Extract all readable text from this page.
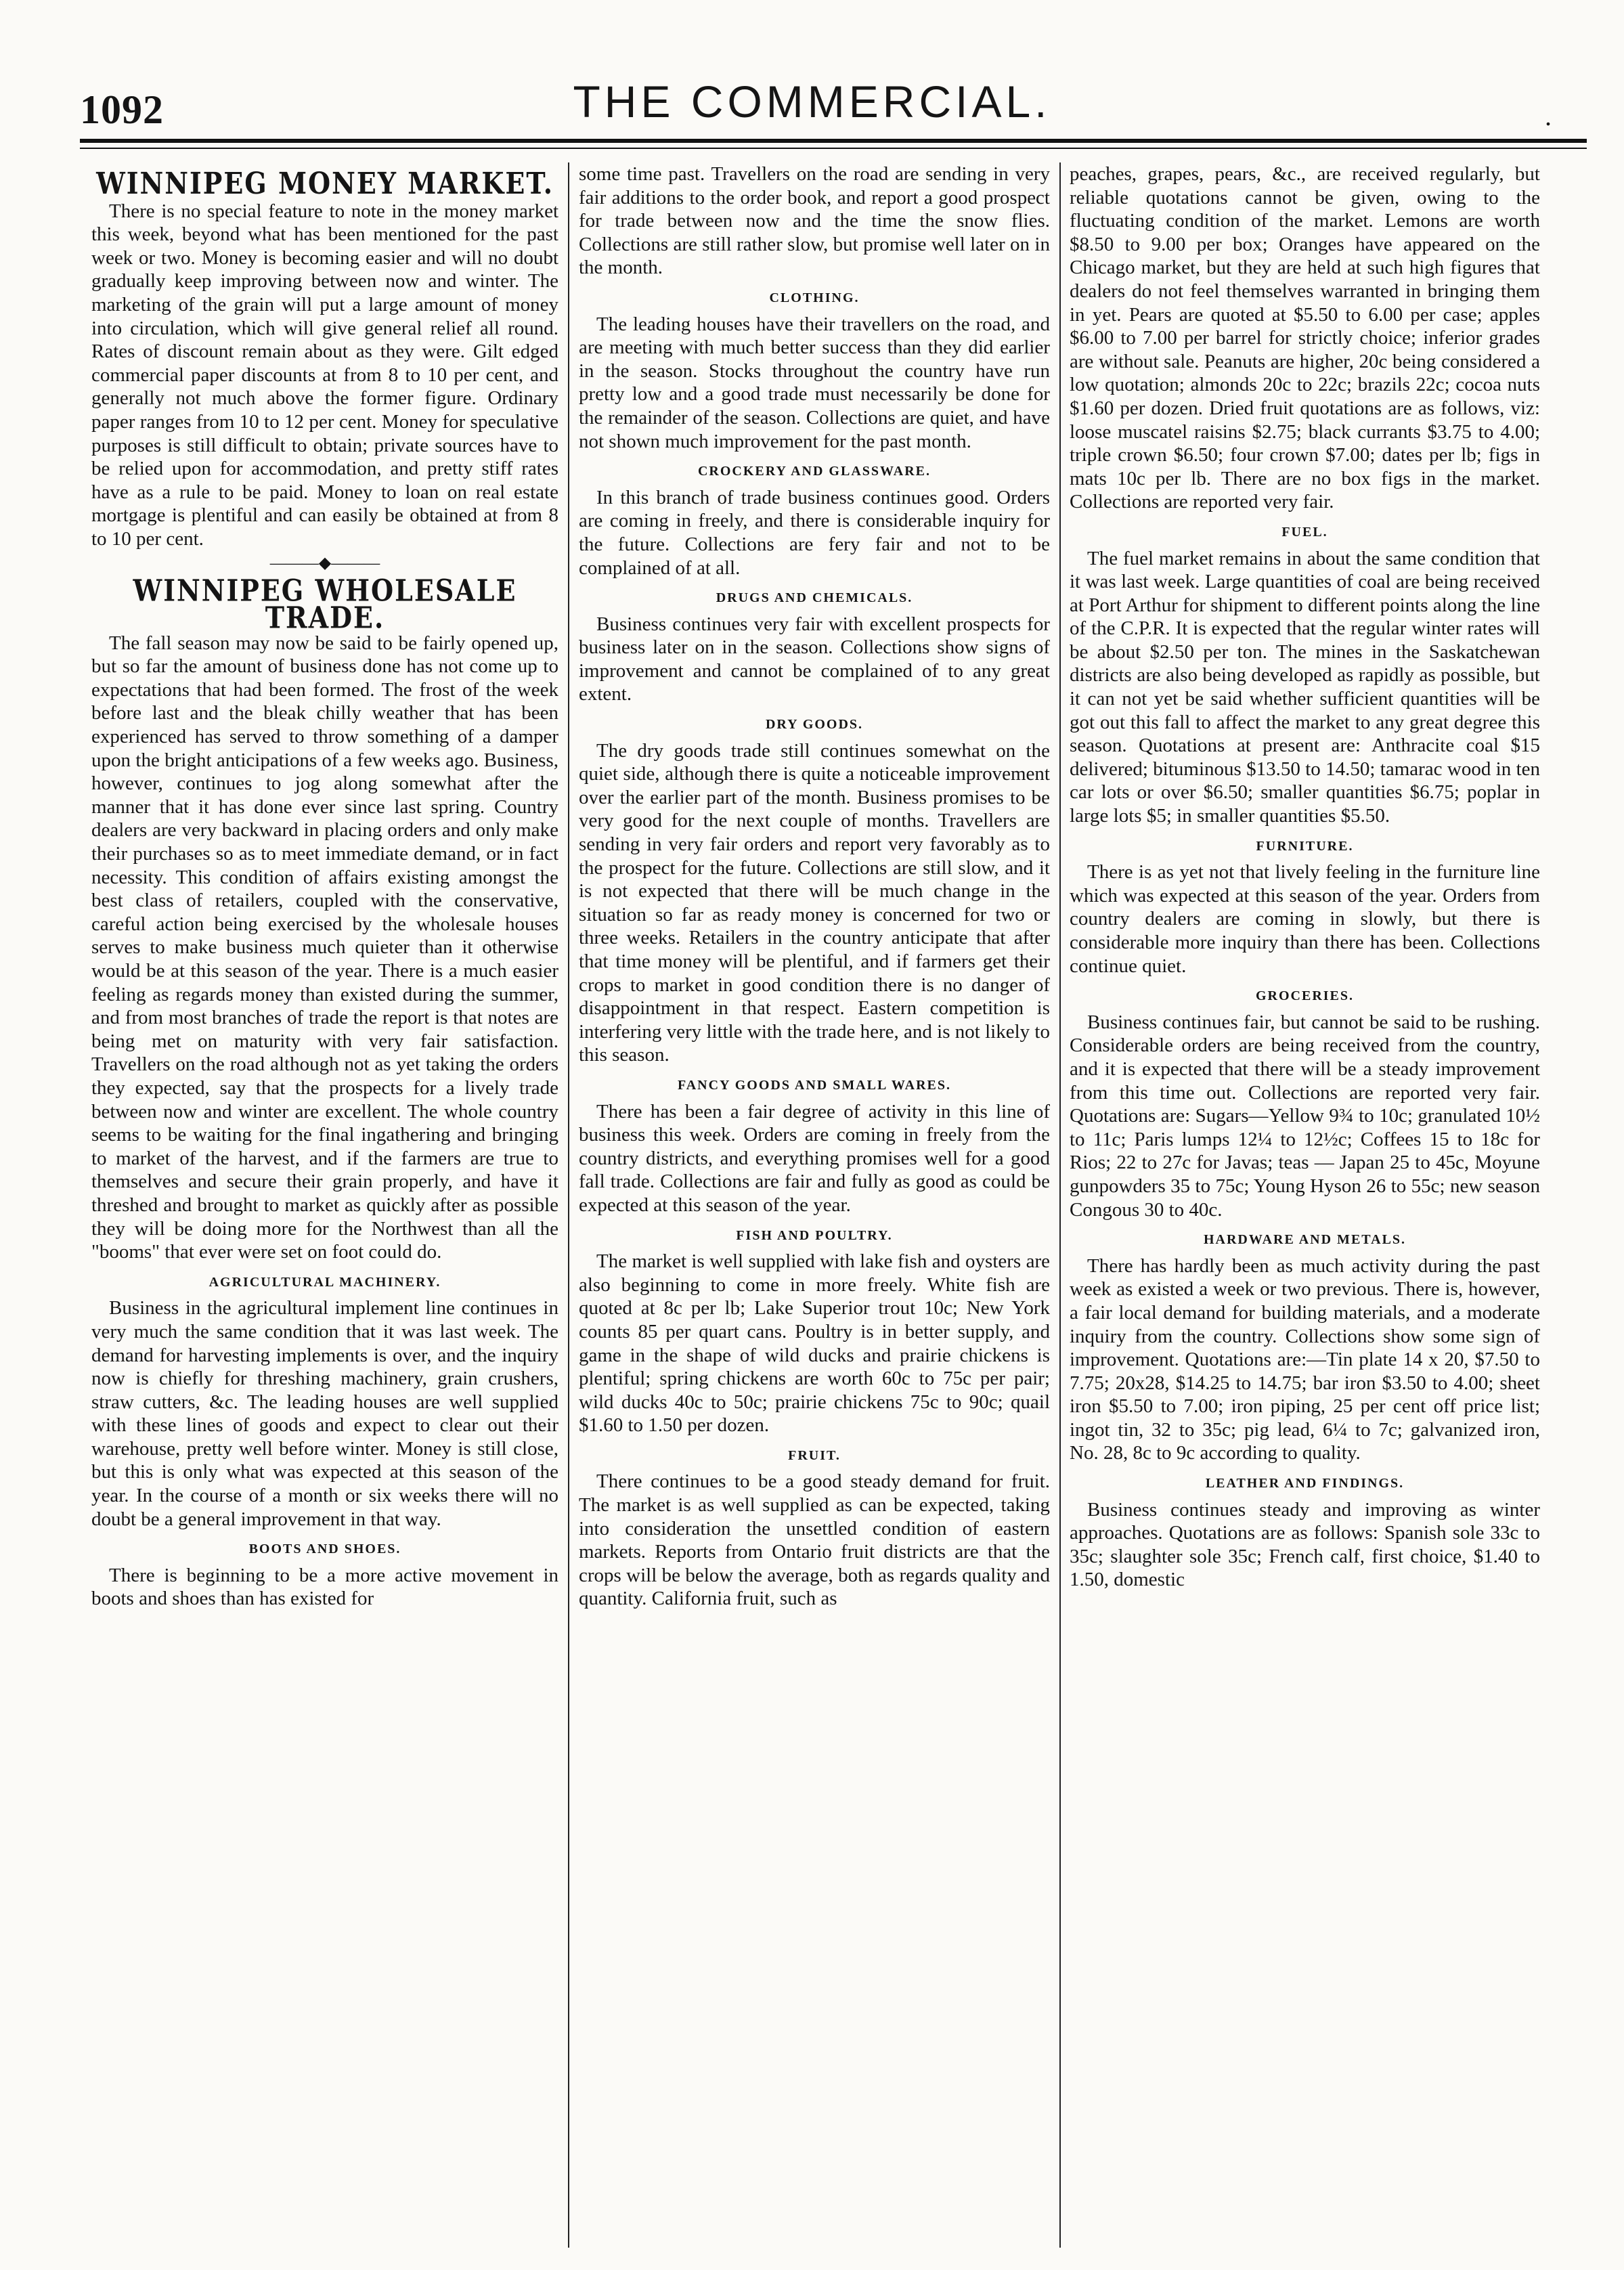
1092	THE COMMERCIAL.	.
WINNIPEG MONEY MARKET.

There is no special feature to note in the money market this week, beyond what has been mentioned for the past week or two. Money is becoming easier and will no doubt gradually keep improving between now and winter. The marketing of the grain will put a large amount of money into circulation, which will give general relief all round. Rates of discount remain about as they were. Gilt edged commercial paper discounts at from 8 to 10 per cent, and generally not much above the former figure. Ordinary paper ranges from 10 to 12 per cent. Money for speculative purposes is still difficult to obtain; private sources have to be relied upon for accommodation, and pretty stiff rates have as a rule to be paid. Money to loan on real estate mortgage is plentiful and can easily be obtained at from 8 to 10 per cent.

———◆———
WINNIPEG WHOLESALE TRADE.

The fall season may now be said to be fairly opened up, but so far the amount of business done has not come up to expectations that had been formed. The frost of the week before last and the bleak chilly weather that has been experienced has served to throw something of a damper upon the bright anticipations of a few weeks ago. Business, however, continues to jog along somewhat after the manner that it has done ever since last spring. Country dealers are very backward in placing orders and only make their purchases so as to meet immediate demand, or in fact necessity. This condition of affairs existing amongst the best class of retailers, coupled with the conservative, careful action being exercised by the wholesale houses serves to make business much quieter than it otherwise would be at this season of the year. There is a much easier feeling as regards money than existed during the summer, and from most branches of trade the report is that notes are being met on maturity with very fair satisfaction. Travellers on the road although not as yet taking the orders they expected, say that the prospects for a lively trade between now and winter are excellent. The whole country seems to be waiting for the final ingathering and bringing to market of the harvest, and if the farmers are true to themselves and secure their grain properly, and have it threshed and brought to market as quickly after as possible they will be doing more for the Northwest than all the "booms" that ever were set on foot could do.

AGRICULTURAL MACHINERY.

Business in the agricultural implement line continues in very much the same condition that it was last week. The demand for harvesting implements is over, and the inquiry now is chiefly for threshing machinery, grain crushers, straw cutters, &c. The leading houses are well supplied with these lines of goods and expect to clear out their warehouse, pretty well before winter. Money is still close, but this is only what was expected at this season of the year. In the course of a month or six weeks there will no doubt be a general improvement in that way.

BOOTS AND SHOES.

There is beginning to be a more active movement in boots and shoes than has existed for

some time past. Travellers on the road are sending in very fair additions to the order book, and report a good prospect for trade between now and the time the snow flies. Collections are still rather slow, but promise well later on in the month.

CLOTHING.

The leading houses have their travellers on the road, and are meeting with much better success than they did earlier in the season. Stocks throughout the country have run pretty low and a good trade must necessarily be done for the remainder of the season. Collections are quiet, and have not shown much improvement for the past month.

CROCKERY AND GLASSWARE.

In this branch of trade business continues good. Orders are coming in freely, and there is considerable inquiry for the future. Collections are fery fair and not to be complained of at all.

DRUGS AND CHEMICALS.

Business continues very fair with excellent prospects for business later on in the season. Collections show signs of improvement and cannot be complained of to any great extent.

DRY GOODS.

The dry goods trade still continues somewhat on the quiet side, although there is quite a noticeable improvement over the earlier part of the month. Business promises to be very good for the next couple of months. Travellers are sending in very fair orders and report very favorably as to the prospect for the future. Collections are still slow, and it is not expected that there will be much change in the situation so far as ready money is concerned for two or three weeks. Retailers in the country anticipate that after that time money will be plentiful, and if farmers get their crops to market in good condition there is no danger of disappointment in that respect. Eastern competition is interfering very little with the trade here, and is not likely to this season.

FANCY GOODS AND SMALL WARES.

There has been a fair degree of activity in this line of business this week. Orders are coming in freely from the country districts, and everything promises well for a good fall trade. Collections are fair and fully as good as could be expected at this season of the year.

FISH AND POULTRY.

The market is well supplied with lake fish and oysters are also beginning to come in more freely. White fish are quoted at 8c per lb; Lake Superior trout 10c; New York counts 85 per quart cans. Poultry is in better supply, and game in the shape of wild ducks and prairie chickens is plentiful; spring chickens are worth 60c to 75c per pair; wild ducks 40c to 50c; prairie chickens 75c to 90c; quail $1.60 to 1.50 per dozen.

FRUIT.

There continues to be a good steady demand for fruit. The market is as well supplied as can be expected, taking into consideration the unsettled condition of eastern markets. Reports from Ontario fruit districts are that the crops will be below the average, both as regards quality and quantity. California fruit, such as

peaches, grapes, pears, &c., are received regularly, but reliable quotations cannot be given, owing to the fluctuating condition of the market. Lemons are worth $8.50 to 9.00 per box; Oranges have appeared on the Chicago market, but they are held at such high figures that dealers do not feel themselves warranted in bringing them in yet. Pears are quoted at $5.50 to 6.00 per case; apples $6.00 to 7.00 per barrel for strictly choice; inferior grades are without sale. Peanuts are higher, 20c being considered a low quotation; almonds 20c to 22c; brazils 22c; cocoa nuts $1.60 per dozen. Dried fruit quotations are as follows, viz: loose muscatel raisins $2.75; black currants $3.75 to 4.00; triple crown $6.50; four crown $7.00; dates per lb; figs in mats 10c per lb. There are no box figs in the market. Collections are reported very fair.

FUEL.

The fuel market remains in about the same condition that it was last week. Large quantities of coal are being received at Port Arthur for shipment to different points along the line of the C.P.R. It is expected that the regular winter rates will be about $2.50 per ton. The mines in the Saskatchewan districts are also being developed as rapidly as possible, but it can not yet be said whether sufficient quantities will be got out this fall to affect the market to any great degree this season. Quotations at present are: Anthracite coal $15 delivered; bituminous $13.50 to 14.50; tamarac wood in ten car lots or over $6.50; smaller quantities $6.75; poplar in large lots $5; in smaller quantities $5.50.

FURNITURE.

There is as yet not that lively feeling in the furniture line which was expected at this season of the year. Orders from country dealers are coming in slowly, but there is considerable more inquiry than there has been. Collections continue quiet.

GROCERIES.

Business continues fair, but cannot be said to be rushing. Considerable orders are being received from the country, and it is expected that there will be a steady improvement from this time out. Collections are reported very fair. Quotations are: Sugars—Yellow 9¾ to 10c; granulated 10½ to 11c; Paris lumps 12¼ to 12½c; Coffees 15 to 18c for Rios; 22 to 27c for Javas; teas — Japan 25 to 45c, Moyune gunpowders 35 to 75c; Young Hyson 26 to 55c; new season Congous 30 to 40c.

HARDWARE AND METALS.

There has hardly been as much activity during the past week as existed a week or two previous. There is, however, a fair local demand for building materials, and a moderate inquiry from the country. Collections show some sign of improvement. Quotations are:—Tin plate 14 x 20, $7.50 to 7.75; 20x28, $14.25 to 14.75; bar iron $3.50 to 4.00; sheet iron $5.50 to 7.00; iron piping, 25 per cent off price list; ingot tin, 32 to 35c; pig lead, 6¼ to 7c; galvanized iron, No. 28, 8c to 9c according to quality.

LEATHER AND FINDINGS.

Business continues steady and improving as winter approaches. Quotations are as follows: Spanish sole 33c to 35c; slaughter sole 35c; French calf, first choice, $1.40 to 1.50, domestic
